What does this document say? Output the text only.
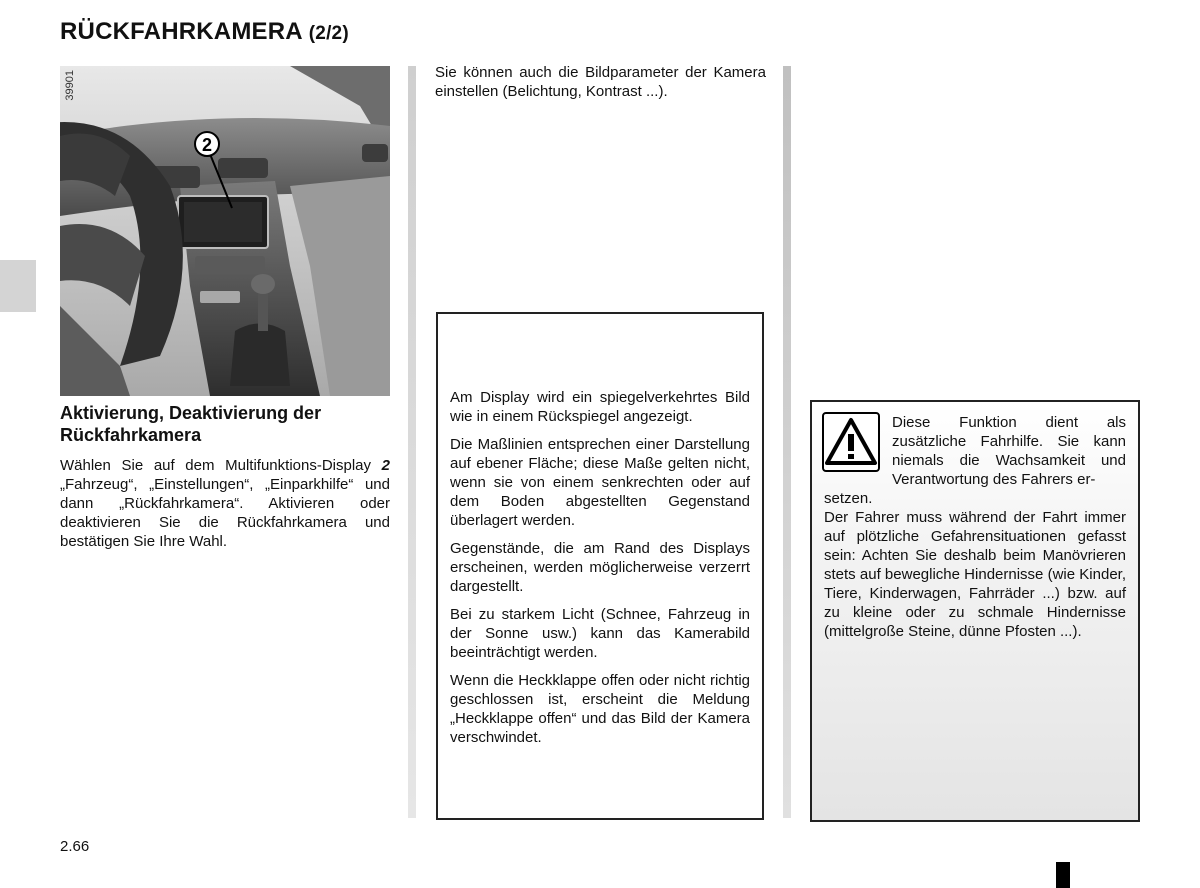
RÜCKFAHRKAMERA (2/2)
2
39901
Aktivierung, Deaktivierung der Rückfahrkamera
Wählen Sie auf dem Multifunktions-Display 2 „Fahrzeug“, „Einstellungen“, „Einparkhilfe“ und dann „Rückfahrkamera“. Aktivieren oder deaktivieren Sie die Rückfahrkamera und bestätigen Sie Ihre Wahl.
Sie können auch die Bildparameter der Kamera einstellen (Belichtung, Kontrast ...).

Am Display wird ein spiegelverkehrtes Bild wie in einem Rückspiegel angezeigt.

Die Maßlinien entsprechen einer Darstellung auf ebener Fläche; diese Maße gelten nicht, wenn sie von einem senkrechten oder auf dem Boden abgestellten Gegenstand überlagert werden.

Gegenstände, die am Rand des Displays erscheinen, werden möglicherweise verzerrt dargestellt.

Bei zu starkem Licht (Schnee, Fahrzeug in der Sonne usw.) kann das Kamerabild beeinträchtigt werden.

Wenn die Heckklappe offen oder nicht richtig geschlossen ist, erscheint die Meldung „Heckklappe offen“ und das Bild der Kamera verschwindet.

Diese Funktion dient als zusätzliche Fahrhilfe. Sie kann niemals die Wachsamkeit und Verantwortung des Fahrers er-
setzen.
Der Fahrer muss während der Fahrt immer auf plötzliche Gefahrensituationen gefasst sein: Achten Sie deshalb beim Manövrieren stets auf bewegliche Hindernisse (wie Kinder, Tiere, Kinderwagen, Fahrräder ...) bzw. auf zu kleine oder zu schmale Hindernisse (mittelgroße Steine, dünne Pfosten ...).
2.66
